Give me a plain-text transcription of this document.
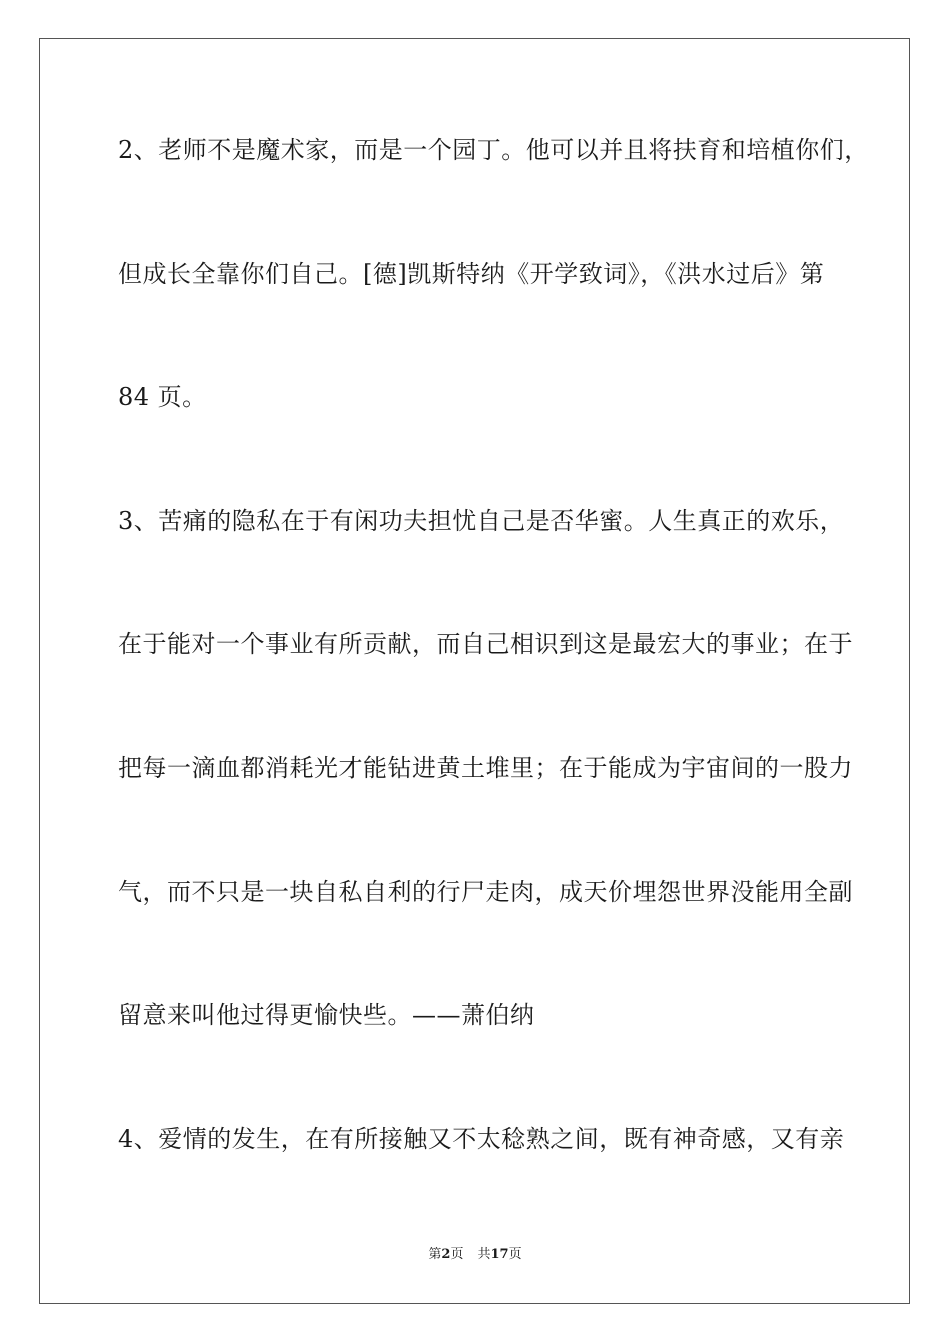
2、老师不是魔术家，而是一个园丁。他可以并且将扶育和培植你们，
但成长全靠你们自己。[德]凯斯特纳《开学致词》，《洪水过后》第
84 页。
3、苦痛的隐私在于有闲功夫担忧自己是否华蜜。人生真正的欢乐，
在于能对一个事业有所贡献，而自己相识到这是最宏大的事业；在于
把每一滴血都消耗光才能钻进黄土堆里；在于能成为宇宙间的一股力
气，而不只是一块自私自利的行尸走肉，成天价埋怨世界没能用全副
留意来叫他过得更愉快些。——萧伯纳
4、爱情的发生，在有所接触又不太稔熟之间，既有神奇感，又有亲
第2页 共17页
